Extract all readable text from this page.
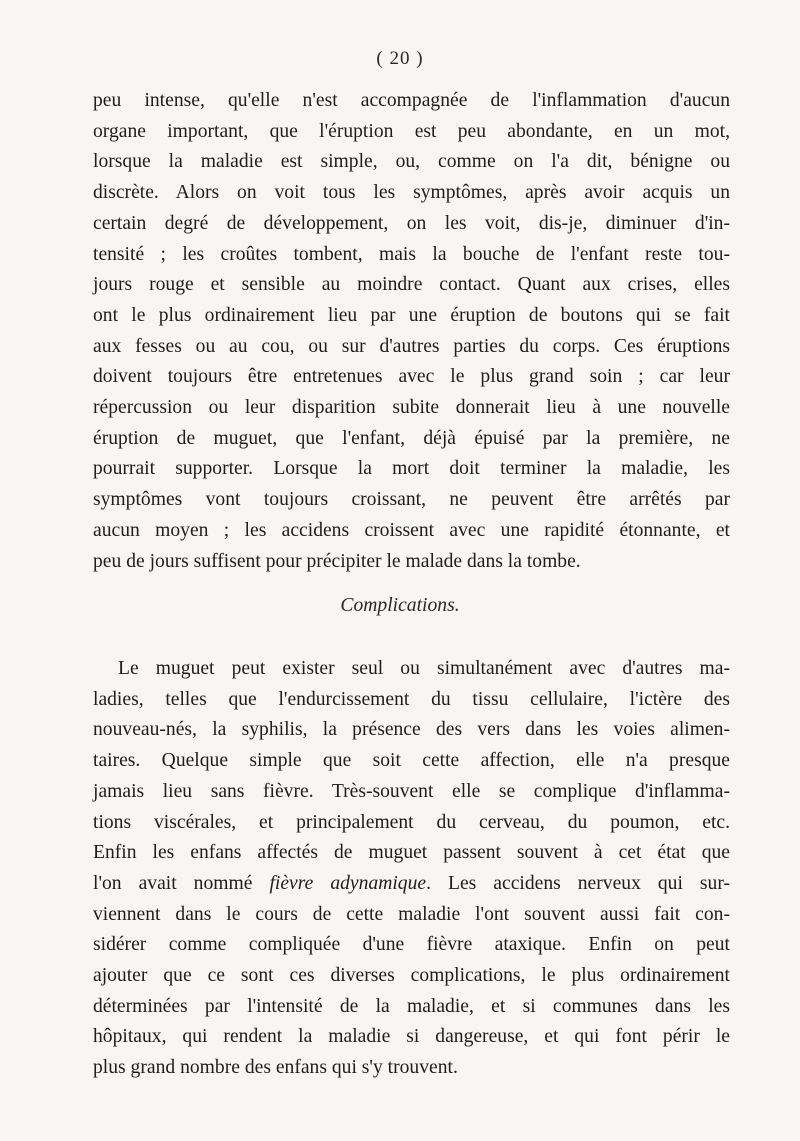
( 20 )
peu intense, qu'elle n'est accompagnée de l'inflammation d'aucun
organe important, que l'éruption est peu abondante, en un mot,
lorsque la maladie est simple, ou, comme on l'a dit, bénigne ou
discrète. Alors on voit tous les symptômes, après avoir acquis un
certain degré de développement, on les voit, dis-je, diminuer d'in-
tensité ; les croûtes tombent, mais la bouche de l'enfant reste tou-
jours rouge et sensible au moindre contact. Quant aux crises, elles
ont le plus ordinairement lieu par une éruption de boutons qui se fait
aux fesses ou au cou, ou sur d'autres parties du corps. Ces éruptions
doivent toujours être entretenues avec le plus grand soin ; car leur
répercussion ou leur disparition subite donnerait lieu à une nouvelle
éruption de muguet, que l'enfant, déjà épuisé par la première, ne
pourrait supporter. Lorsque la mort doit terminer la maladie, les
symptômes vont toujours croissant, ne peuvent être arrêtés par
aucun moyen ; les accidens croissent avec une rapidité étonnante, et
peu de jours suffisent pour précipiter le malade dans la tombe.
Complications.
Le muguet peut exister seul ou simultanément avec d'autres ma-
ladies, telles que l'endurcissement du tissu cellulaire, l'ictère des
nouveau-nés, la syphilis, la présence des vers dans les voies alimen-
taires. Quelque simple que soit cette affection, elle n'a presque
jamais lieu sans fièvre. Très-souvent elle se complique d'inflamma-
tions viscérales, et principalement du cerveau, du poumon, etc.
Enfin les enfans affectés de muguet passent souvent à cet état que
l'on avait nommé fièvre adynamique. Les accidens nerveux qui sur-
viennent dans le cours de cette maladie l'ont souvent aussi fait con-
sidérer comme compliquée d'une fièvre ataxique. Enfin on peut
ajouter que ce sont ces diverses complications, le plus ordinairement
déterminées par l'intensité de la maladie, et si communes dans les
hôpitaux, qui rendent la maladie si dangereuse, et qui font périr le
plus grand nombre des enfans qui s'y trouvent.
